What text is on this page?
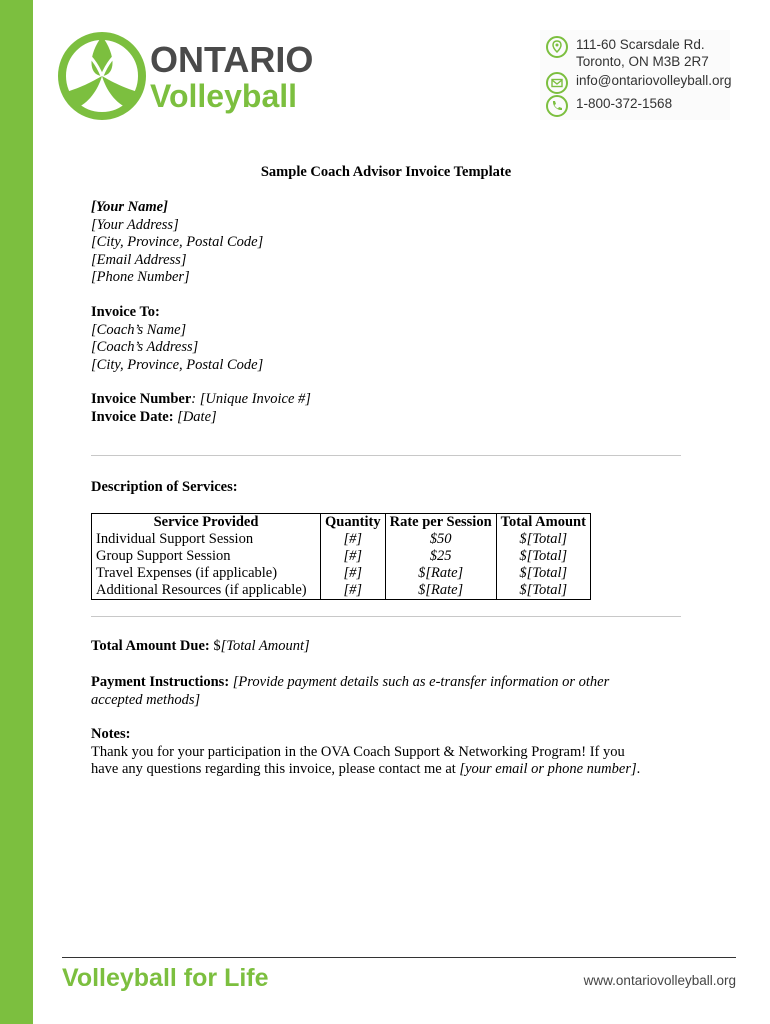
ONTARIO
Volleyball
111-60 Scarsdale Rd.
Toronto, ON M3B 2R7
info@ontariovolleyball.org
1-800-372-1568
Sample Coach Advisor Invoice Template
[Your Name]
[Your Address]
[City, Province, Postal Code]
[Email Address]
[Phone Number]
Invoice To:
[Coach’s Name]
[Coach’s Address]
[City, Province, Postal Code]
Invoice Number: [Unique Invoice #]
Invoice Date: [Date]
Description of Services:
Total Amount Due: $[Total Amount]
Payment Instructions: [Provide payment details such as e-transfer information or other
accepted methods]
Notes:
Thank you for your participation in the OVA Coach Support & Networking Program! If you
have any questions regarding this invoice, please contact me at [your email or phone number].
Service Provided	Quantity	Rate per Session	Total Amount
Individual Support Session	[#]	$50	$[Total]
Group Support Session	[#]	$25	$[Total]
Travel Expenses (if applicable)	[#]	$[Rate]	$[Total]
Additional Resources (if applicable)	[#]	$[Rate]	$[Total]
Volleyball for Life	www.ontariovolleyball.org
